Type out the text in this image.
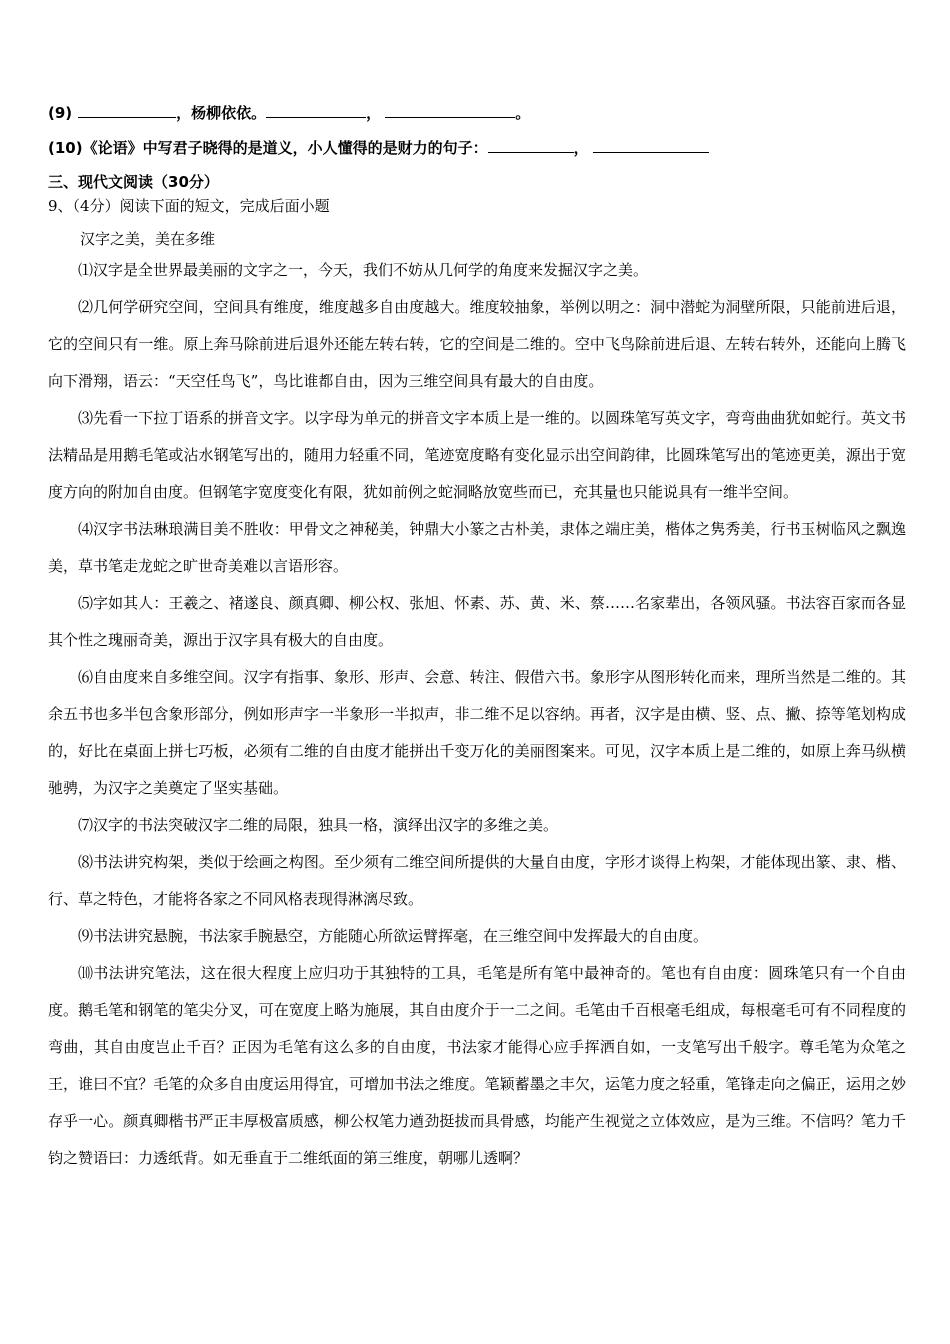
(9)	，杨柳依依。	，	。
(10)《论语》中写君子晓得的是道义，小人懂得的是财力的句子：	，
三、现代文阅读（30分）
9、（4分）阅读下面的短文，完成后面小题
汉字之美，美在多维

⑴汉字是全世界最美丽的文字之一，今天，我们不妨从几何学的角度来发掘汉字之美。

⑵几何学研究空间，空间具有维度，维度越多自由度越大。维度较抽象，举例以明之：洞中潜蛇为洞壁所限，只能前进后退，它的空间只有一维。原上奔马除前进后退外还能左转右转，它的空间是二维的。空中飞鸟除前进后退、左转右转外，还能向上腾飞向下滑翔，语云：“天空任鸟飞”，鸟比谁都自由，因为三维空间具有最大的自由度。

⑶先看一下拉丁语系的拼音文字。以字母为单元的拼音文字本质上是一维的。以圆珠笔写英文字，弯弯曲曲犹如蛇行。英文书法精品是用鹅毛笔或沾水钢笔写出的，随用力轻重不同，笔迹宽度略有变化显示出空间韵律，比圆珠笔写出的笔迹更美，源出于宽度方向的附加自由度。但钢笔字宽度变化有限，犹如前例之蛇洞略放宽些而已，充其量也只能说具有一维半空间。

⑷汉字书法琳琅满目美不胜收：甲骨文之神秘美，钟鼎大小篆之古朴美，隶体之端庄美，楷体之隽秀美，行书玉树临风之飘逸美，草书笔走龙蛇之旷世奇美难以言语形容。

⑸字如其人：王羲之、褚遂良、颜真卿、柳公权、张旭、怀素、苏、黄、米、蔡……名家辈出，各领风骚。书法容百家而各显其个性之瑰丽奇美，源出于汉字具有极大的自由度。

⑹自由度来自多维空间。汉字有指事、象形、形声、会意、转注、假借六书。象形字从图形转化而来，理所当然是二维的。其余五书也多半包含象形部分，例如形声字一半象形一半拟声，非二维不足以容纳。再者，汉字是由横、竖、点、撇、捺等笔划构成的，好比在桌面上拼七巧板，必须有二维的自由度才能拼出千变万化的美丽图案来。可见，汉字本质上是二维的，如原上奔马纵横驰骋，为汉字之美奠定了坚实基础。

⑺汉字的书法突破汉字二维的局限，独具一格，演绎出汉字的多维之美。

⑻书法讲究构架，类似于绘画之构图。至少须有二维空间所提供的大量自由度，字形才谈得上构架，才能体现出篆、隶、楷、行、草之特色，才能将各家之不同风格表现得淋漓尽致。

⑼书法讲究悬腕，书法家手腕悬空，方能随心所欲运臂挥毫，在三维空间中发挥最大的自由度。

⑽书法讲究笔法，这在很大程度上应归功于其独特的工具，毛笔是所有笔中最神奇的。笔也有自由度：圆珠笔只有一个自由度。鹅毛笔和钢笔的笔尖分叉，可在宽度上略为施展，其自由度介于一二之间。毛笔由千百根毫毛组成，每根毫毛可有不同程度的弯曲，其自由度岂止千百？正因为毛笔有这么多的自由度，书法家才能得心应手挥洒自如，一支笔写出千般字。尊毛笔为众笔之王，谁曰不宜？毛笔的众多自由度运用得宜，可增加书法之维度。笔颖蓄墨之丰欠，运笔力度之轻重，笔锋走向之偏正，运用之妙存乎一心。颜真卿楷书严正丰厚极富质感，柳公权笔力遒劲挺拔而具骨感，均能产生视觉之立体效应，是为三维。不信吗？笔力千钧之赞语曰：力透纸背。如无垂直于二维纸面的第三维度，朝哪儿透啊？
